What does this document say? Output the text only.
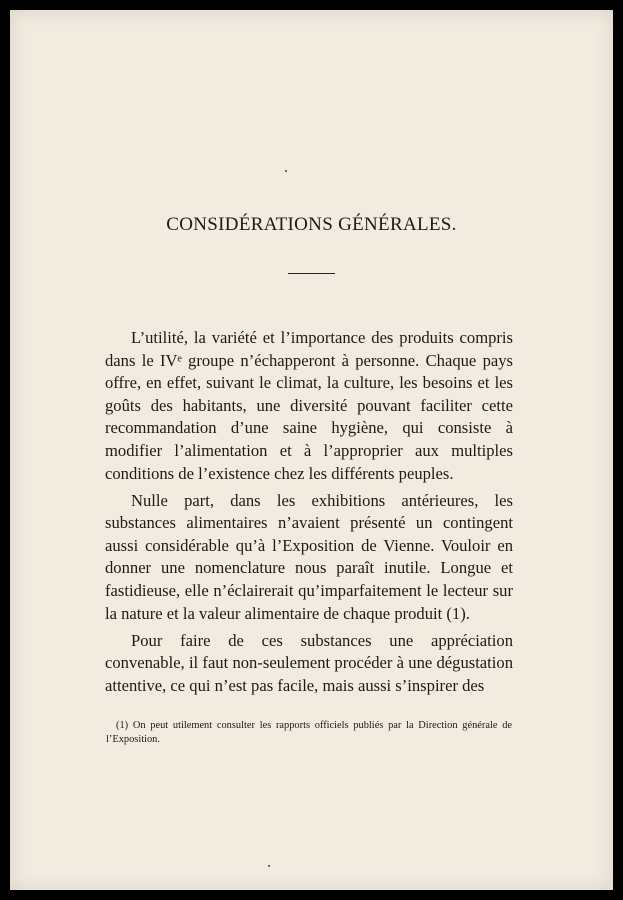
CONSIDÉRATIONS GÉNÉRALES.

L’utilité, la variété et l’importance des produits compris dans le IVᵉ groupe n’échapperont à personne. Chaque pays offre, en effet, suivant le climat, la culture, les besoins et les goûts des habitants, une diversité pouvant faciliter cette recommandation d’une saine hygiène, qui consiste à modifier l’alimentation et à l’approprier aux multiples conditions de l’existence chez les différents peuples.

Nulle part, dans les exhibitions antérieures, les substances alimentaires n’avaient présenté un contingent aussi considérable qu’à l’Exposition de Vienne. Vouloir en donner une nomenclature nous paraît inutile. Longue et fastidieuse, elle n’éclairerait qu’imparfaitement le lecteur sur la nature et la valeur alimentaire de chaque produit (1).

Pour faire de ces substances une appréciation convenable, il faut non-seulement procéder à une dégustation attentive, ce qui n’est pas facile, mais aussi s’inspirer des

(1) On peut utilement consulter les rapports officiels publiés par la Direction générale de l’Exposition.
